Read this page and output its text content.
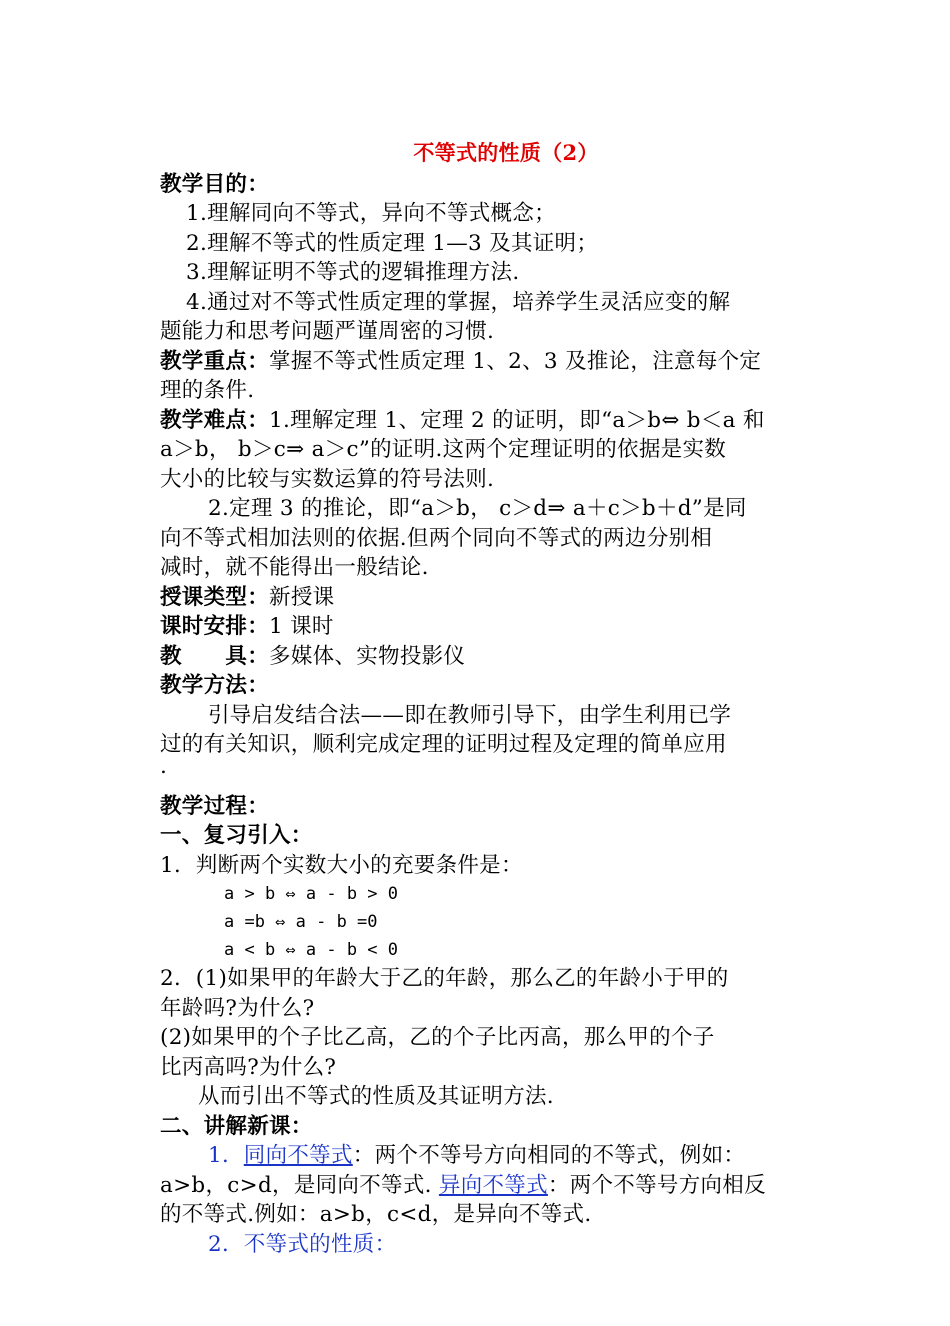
不等式的性质（2）
教学目的：
1.理解同向不等式，异向不等式概念；
2.理解不等式的性质定理 1—3 及其证明；
3.理解证明不等式的逻辑推理方法.
4.通过对不等式性质定理的掌握，培养学生灵活应变的解
题能力和思考问题严谨周密的习惯.
教学重点：掌握不等式性质定理 1、2、3 及推论，注意每个定
理的条件.
教学难点：1.理解定理 1、定理 2 的证明，即“a＞b⇔ b＜a 和
a＞b， b＞c⇒ a＞c”的证明.这两个定理证明的依据是实数
大小的比较与实数运算的符号法则.
2.定理 3 的推论，即“a＞b， c＞d⇒ a＋c＞b＋d”是同
向不等式相加法则的依据.但两个同向不等式的两边分别相
减时，就不能得出一般结论.
授课类型：新授课
课时安排：1 课时
教　　具：多媒体、实物投影仪
教学方法：
引导启发结合法——即在教师引导下，由学生利用已学
过的有关知识，顺利完成定理的证明过程及定理的简单应用
.
教学过程：
一、复习引入：
1．判断两个实数大小的充要条件是：
a > b ⇔ a - b > 0
a =b ⇔ a - b =0
a < b ⇔ a - b < 0
2．(1)如果甲的年龄大于乙的年龄，那么乙的年龄小于甲的
年龄吗?为什么?
(2)如果甲的个子比乙高，乙的个子比丙高，那么甲的个子
比丙高吗?为什么?
从而引出不等式的性质及其证明方法.
二、讲解新课：
1．同向不等式：两个不等号方向相同的不等式，例如：
a>b，c>d，是同向不等式. 异向不等式：两个不等号方向相反
的不等式.例如：a>b，c<d，是异向不等式.
2．不等式的性质：
